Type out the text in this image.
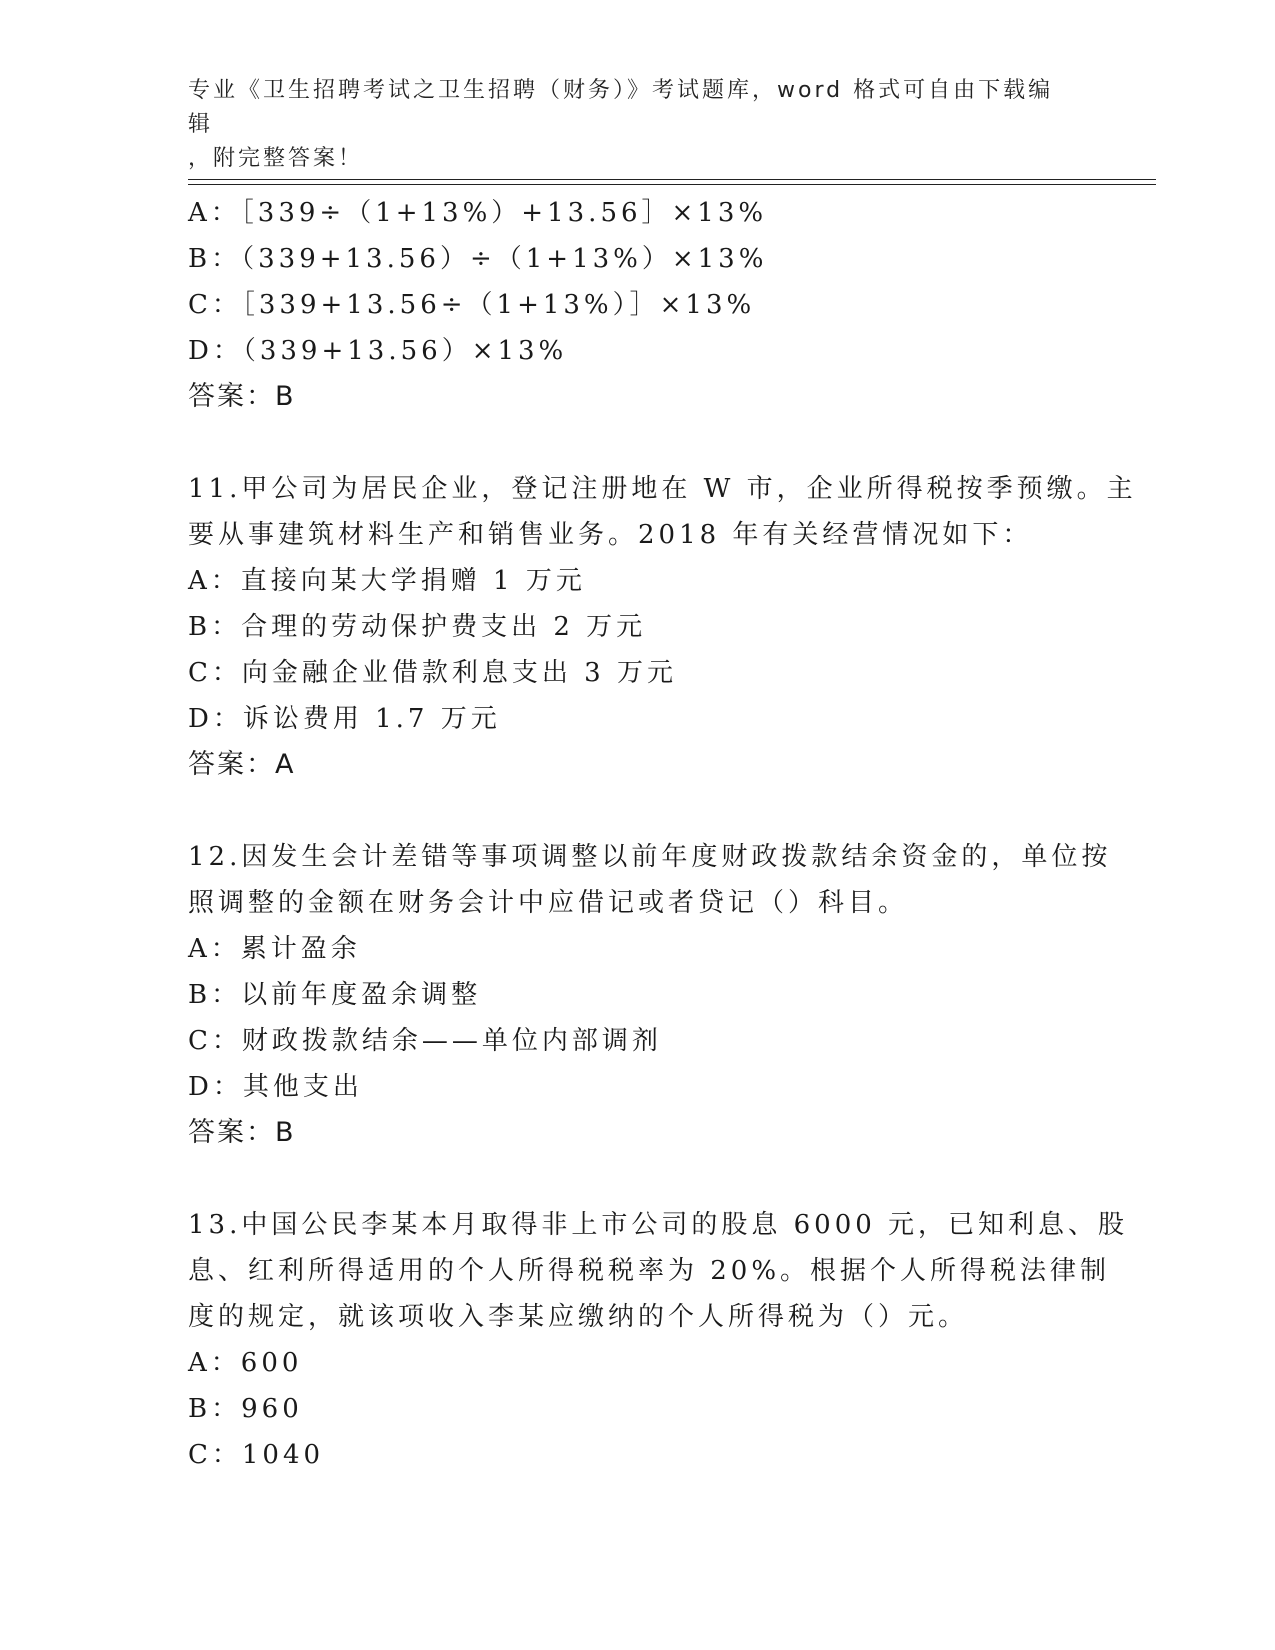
专业《卫生招聘考试之卫生招聘（财务）》考试题库，word 格式可自由下载编辑
，附完整答案！
A：［339÷（1+13%）+13.56］×13%
B：（339+13.56）÷（1+13%）×13%
C：［339+13.56÷（1+13%）］×13%
D：（339+13.56）×13%
答案：B
11.甲公司为居民企业，登记注册地在 W 市，企业所得税按季预缴。主
要从事建筑材料生产和销售业务。2018 年有关经营情况如下：
A：直接向某大学捐赠 1 万元
B：合理的劳动保护费支出 2 万元
C：向金融企业借款利息支出 3 万元
D：诉讼费用 1.7 万元
答案：A
12.因发生会计差错等事项调整以前年度财政拨款结余资金的，单位按
照调整的金额在财务会计中应借记或者贷记（）科目。
A：累计盈余
B：以前年度盈余调整
C：财政拨款结余——单位内部调剂
D：其他支出
答案：B
13.中国公民李某本月取得非上市公司的股息 6000 元，已知利息、股
息、红利所得适用的个人所得税税率为 20%。根据个人所得税法律制
度的规定，就该项收入李某应缴纳的个人所得税为（）元。
A：600
B：960
C：1040
